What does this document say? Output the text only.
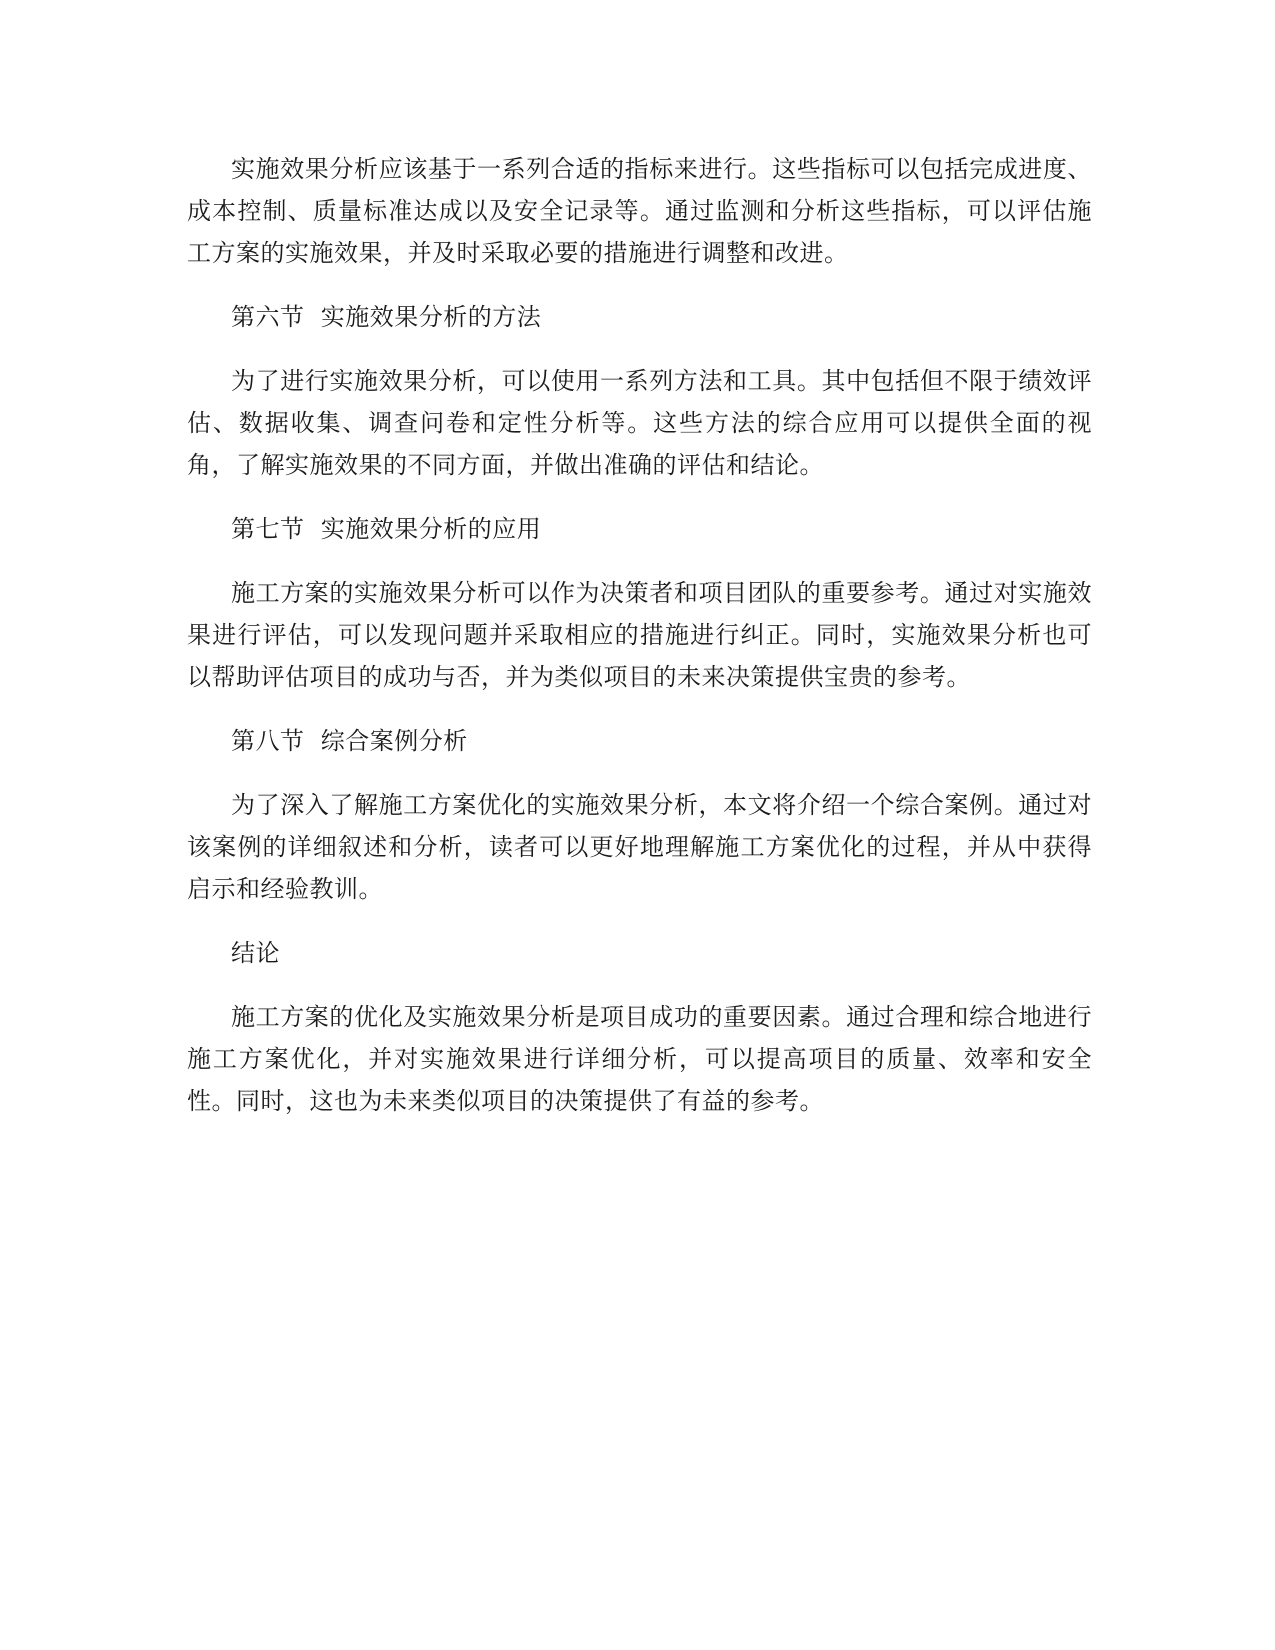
实施效果分析应该基于一系列合适的指标来进行。这些指标可以包括完成进度、成本控制、质量标准达成以及安全记录等。通过监测和分析这些指标，可以评估施工方案的实施效果，并及时采取必要的措施进行调整和改进。

第六节  实施效果分析的方法

为了进行实施效果分析，可以使用一系列方法和工具。其中包括但不限于绩效评估、数据收集、调查问卷和定性分析等。这些方法的综合应用可以提供全面的视角，了解实施效果的不同方面，并做出准确的评估和结论。

第七节  实施效果分析的应用

施工方案的实施效果分析可以作为决策者和项目团队的重要参考。通过对实施效果进行评估，可以发现问题并采取相应的措施进行纠正。同时，实施效果分析也可以帮助评估项目的成功与否，并为类似项目的未来决策提供宝贵的参考。

第八节  综合案例分析

为了深入了解施工方案优化的实施效果分析，本文将介绍一个综合案例。通过对该案例的详细叙述和分析，读者可以更好地理解施工方案优化的过程，并从中获得启示和经验教训。

结论

施工方案的优化及实施效果分析是项目成功的重要因素。通过合理和综合地进行施工方案优化，并对实施效果进行详细分析，可以提高项目的质量、效率和安全性。同时，这也为未来类似项目的决策提供了有益的参考。
